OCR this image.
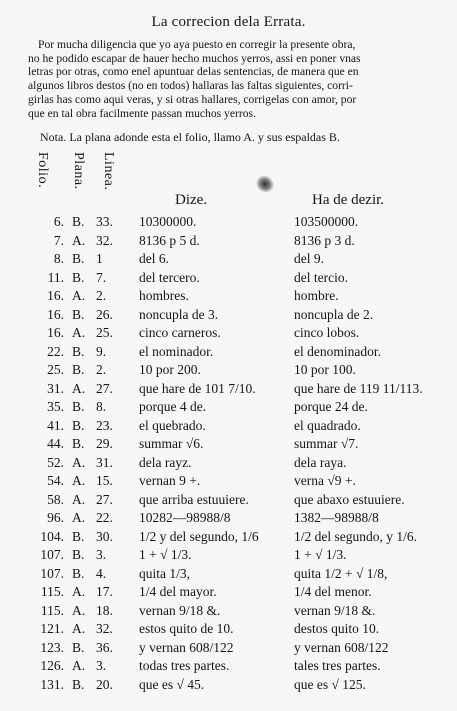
La correcion dela Errata.
Por mucha diligencia que yo aya puesto en corregir la presente obra,
no he podido escapar de hauer hecho muchos yerros, assi en poner vnas
letras por otras, como enel apuntuar delas sentencias, de manera que en
algunos libros destos (no en todos) hallaras las faltas siguientes, corri-
girlas has como aqui veras, y si otras hallares, corrigelas con amor, por
que en tal obra facilmente passan muchos yerros.
Nota. La plana adonde esta el folio, llamo A. y sus espaldas B.
Folio. Plana. Linea.
Dize.	Ha de dezir.
6. B. 33.	10300000.	103500000.
7. A. 32.	8136 p 5 d.	8136 p 3 d.
8. B. 1	del 6.	del 9.
11. B. 7.	del tercero.	del tercio.
16. A. 2.	hombres.	hombre.
16. B. 26.	noncupla de 3.	noncupla de 2.
16. A. 25.	cinco carneros.	cinco lobos.
22. B. 9.	el nominador.	el denominador.
25. B. 2.	10 por 200.	10 por 100.
31. A. 27.	que hare de 101 7/10.	que hare de 119 11/113.
35. B. 8.	porque 4 de.	porque 24 de.
41. B. 23.	el quebrado.	el quadrado.
44. B. 29.	summar √6.	summar √7.
52. A. 31.	dela rayz.	dela raya.
54. A. 15.	vernan 9 +.	verna √9 +.
58. A. 27.	que arriba estuuiere.	que abaxo estuuiere.
96. A. 22.	10282—98988/8	1382—98988/8
104. B. 30.	1/2 y del segundo, 1/6	1/2 del segundo, y 1/6.
107. B. 3.	1 + √ 1/3.	1 + √ 1/3.
107. B. 4.	quita 1/3,	quita 1/2 + √ 1/8,
115. A. 17.	1/4 del mayor.	1/4 del menor.
115. A. 18.	vernan 9/18 &.	vernan 9/18 &.
121. A. 32.	estos quito de 10.	destos quito 10.
123. B. 36.	y vernan 608/122	y vernan 608/122
126. A. 3.	todas tres partes.	tales tres partes.
131. B. 20.	que es √ 45.	que es √ 125.
